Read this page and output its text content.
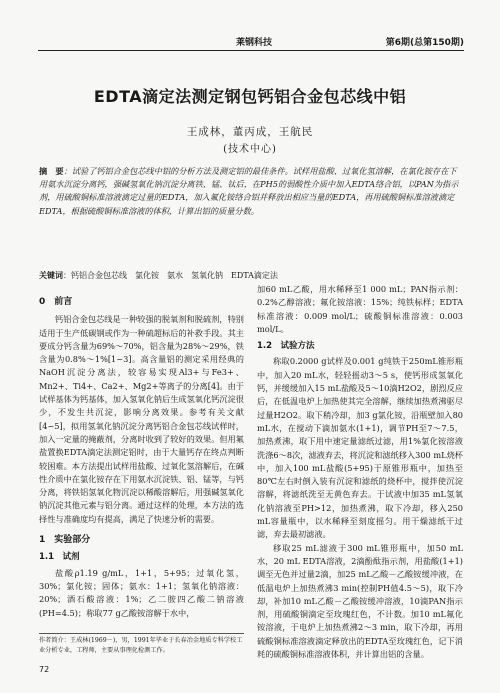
莱钢科技	第6期(总第150期)
EDTA滴定法测定钢包钙铝合金包芯线中铝
王成林，董丙成，王航民
(技术中心)
摘　要：试验了钙铝合金包芯线中铝的分析方法及测定铝的最佳条件。试样用盐酸、过氧化氢溶解，在氯化铵存在下用氨水沉淀分离钙，强碱氢氧化钠沉淀分离铁、锰、钛后，在PH5的弱酸性介质中加入EDTA络合铝，以PAN为指示剂，用硫酸铜标准溶液滴定过量的EDTA，加入氟化铵络合铝并释放出相应当量的EDTA，再用硫酸铜标准溶液滴定EDTA，根据硫酸铜标准溶液的体积，计算出铝的质量分数。
关键词：钙铝合金包芯线　氯化铵　氨水　氢氧化钠　EDTA滴定法
0　前言

钙铝合金包芯线是一种较强的脱氧剂和脱硫剂，特别适用于生产低碳钢或作为一种硫超标后的补救手段。其主要成分钙含量为69%～70%，铝含量为28%～29%，铁含量为0.8%～1%[1~3]。高含量铝的测定采用经典的NaOH沉淀分离法，较容易实现Al3+与Fe3+、Mn2+、Ti4+、Ca2+、Mg2+等离子的分离[4]。由于试样基体为钙基体，加入氢氧化钠后生成氢氧化钙沉淀很少，不发生共沉淀，影响分离效果。参考有关文献[4~5]，拟用氢氧化钠沉淀分离钙铝合金包芯线试样时，加入一定量的掩蔽剂，分离时收到了较好的效果。但用氟盐置换EDTA滴定法测定铝时，由于大量钙存在终点判断较困难。本方法提出试样用盐酸、过氧化氢溶解后，在碱性介质中在氯化铵存在下用氨水沉淀铁、铝、锰等，与钙分离，将铁铝氢氧化物沉淀以稀酸溶解后，用强碱氢氧化钠沉淀其他元素与铝分离。通过这样的处理，本方法的选择性与准确度均有提高，满足了快速分析的需要。

1　实验部分
1.1　试剂

盐酸ρ1.19 g/mL，1+1，5+95；过氧化氢，30%；氯化铵；固体；氨水：1+1；氢氧化钠溶液：20%；酒石酸溶液：1%；乙二胺四乙酸二钠溶液(PH=4.5)；称取77 g乙酸铵溶解于水中，

加60 mL乙酸，用水稀释至1 000 mL；PAN指示剂：0.2%乙醇溶液；氟化铵溶液：15%；纯铁标样；EDTA标准溶液：0.009 mol/L；硫酸铜标准溶液：0.003 mol/L。

1.2　试验方法

称取0.2000 g试样及0.001 g纯铁于250mL锥形瓶中，加入20 mL水，轻轻摇动3～5 s，使钙形成氢氧化钙，并缓缓加入15 mL盐酸及5～10滴H2O2，剧烈反应后，在低温电炉上加热使其完全溶解，继续加热煮沸驱尽过量H2O2。取下稍冷却，加3 g氯化铵，沿瓶壁加入80 mL水，在搅动下滴加氨水(1+1)，调节PH至7～7.5，加热煮沸，取下用中速定量滤纸过滤，用1%氯化铵溶液洗涤6～8次，滤液弃去，将沉淀和滤纸移入300 mL烧杯中，加入100 mL盐酸(5+95)于原锥形瓶中，加热至80℃左右时倒入装有沉淀和滤纸的烧杯中，搅拌使沉淀溶解，将滤纸洗至无黄色弃去。于试液中加35 mL氢氧化钠溶液至PH>12，加热煮沸，取下冷却，移入250 mL容量瓶中，以水稀释至刻度摇匀。用干燥滤纸干过滤，弃去最初滤液。

移取25 mL滤液于300 mL锥形瓶中，加50 mL水，20 mL EDTA溶液，2滴酚酞指示剂，用盐酸(1+1)调至无色并过量2滴，加25 mL乙酸－乙酸铵缓冲液，在低温电炉上加热煮沸3 min(控制PH值4.5～5)，取下冷却，补加10 mL乙酸－乙酸铵缓冲溶液，10滴PAN指示剂，用硫酸铜滴定至玫瑰红色，不计数。加10 mL氟化铵溶液，于电炉上加热煮沸2～3 min，取下冷却，再用硫酸铜标准溶液滴定释放出的EDTA至玫瑰红色，记下消耗的硫酸铜标准溶液体积，并计算出铝的含量。

作者简介：王成林(1969－)，男，1991年毕业于长春冶金地质专科学校工业分析专业，工程师，主要从事理化检测工作。
72
